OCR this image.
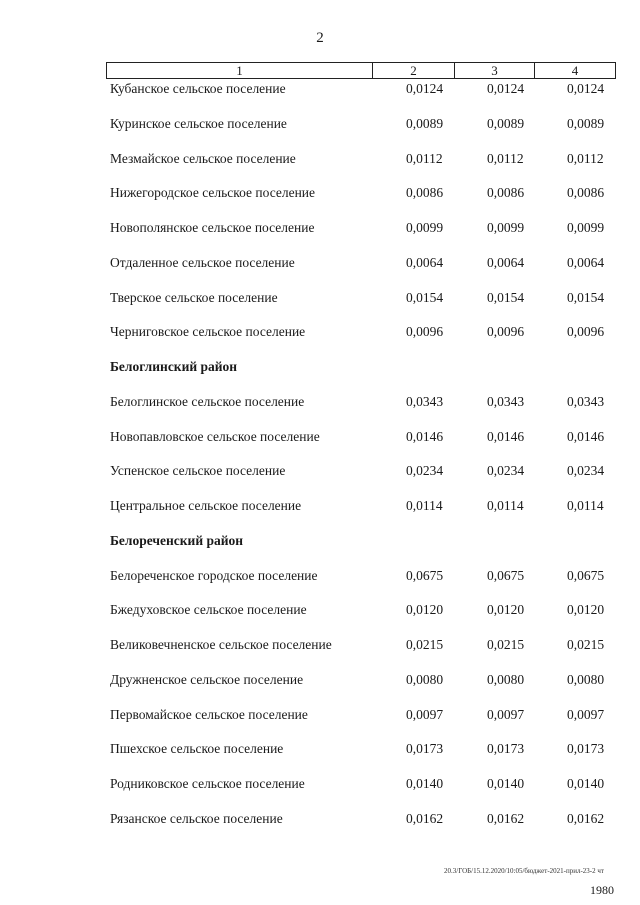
2
1	2	3	4
Кубанское сельское поселение	0,0124	0,0124	0,0124
Куринское сельское поселение	0,0089	0,0089	0,0089
Мезмайское сельское поселение	0,0112	0,0112	0,0112
Нижегородское сельское поселение	0,0086	0,0086	0,0086
Новополянское сельское поселение	0,0099	0,0099	0,0099
Отдаленное сельское поселение	0,0064	0,0064	0,0064
Тверское сельское поселение	0,0154	0,0154	0,0154
Черниговское сельское поселение	0,0096	0,0096	0,0096
Белоглинский район
Белоглинское сельское поселение	0,0343	0,0343	0,0343
Новопавловское сельское поселение	0,0146	0,0146	0,0146
Успенское сельское поселение	0,0234	0,0234	0,0234
Центральное сельское поселение	0,0114	0,0114	0,0114
Белореченский район
Белореченское городское поселение	0,0675	0,0675	0,0675
Бжедуховское сельское поселение	0,0120	0,0120	0,0120
Великовечненское сельское поселение	0,0215	0,0215	0,0215
Дружненское сельское поселение	0,0080	0,0080	0,0080
Первомайское сельское поселение	0,0097	0,0097	0,0097
Пшехское сельское поселение	0,0173	0,0173	0,0173
Родниковское сельское поселение	0,0140	0,0140	0,0140
Рязанское сельское поселение	0,0162	0,0162	0,0162
20.3/ГОБ/15.12.2020/10:05/бюджет-2021-прил-23-2 чт
1980
